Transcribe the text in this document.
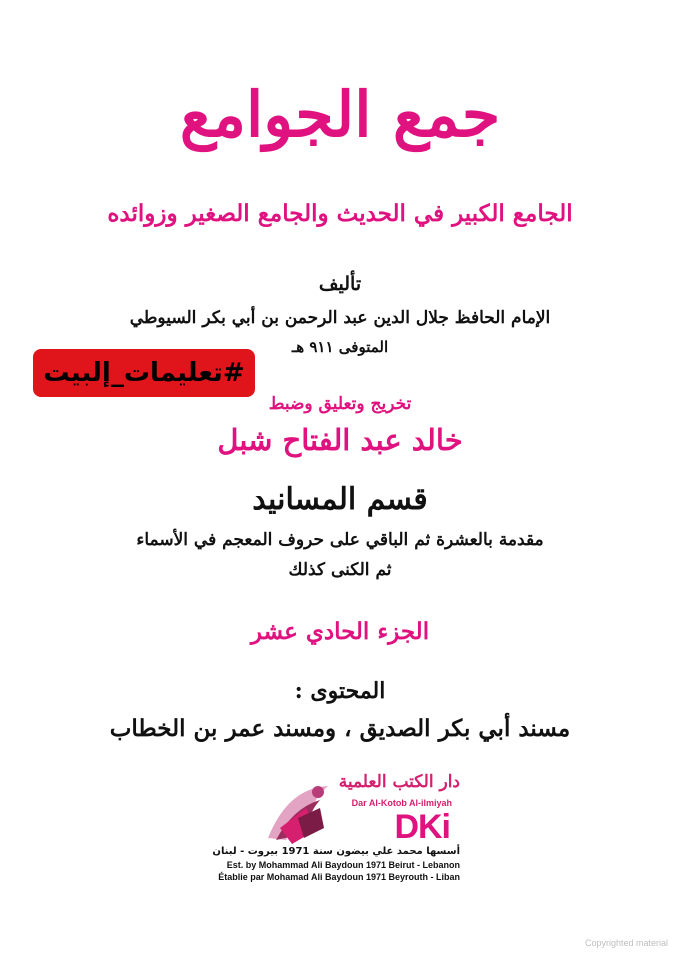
جمع الجوامع
الجامع الكبير في الحديث والجامع الصغير وزوائده
تأليف
الإمام الحافظ جلال الدين عبد الرحمن بن أبي بكر السيوطي
المتوفى ٩١١ هـ
#تعليمات_إلبيت
تخريج وتعليق وضبط
خالد عبد الفتاح شبل
قسم المسانيد
مقدمة بالعشرة ثم الباقي على حروف المعجم في الأسماء
ثم الكنى كذلك
الجزء الحادي عشر
المحتوى :
مسند أبي بكر الصديق ، ومسند عمر بن الخطاب
دار الكتب العلمية
Dar Al-Kotob Al-ilmiyah
DKi
أسسها محمد علي بيضون سنة 1971 بيروت - لبنان
Est. by Mohammad Ali Baydoun 1971 Beirut - Lebanon
Établie par Mohamad Ali Baydoun 1971 Beyrouth - Liban
Copyrighted material
